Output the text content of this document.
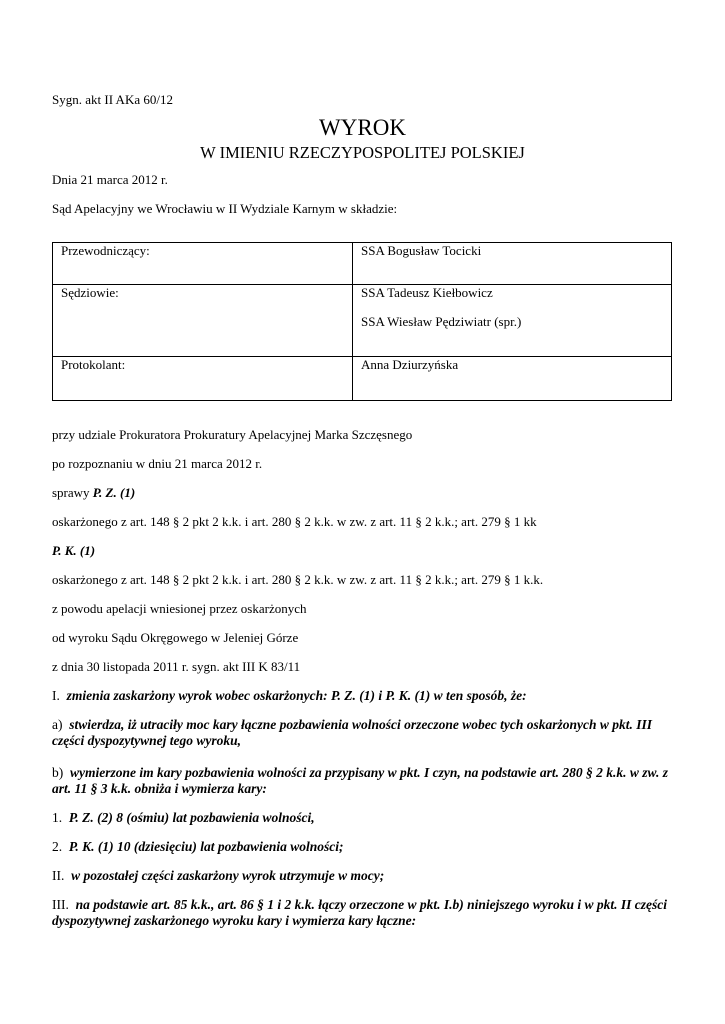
Sygn. akt II AKa 60/12
WYROK
W IMIENIU RZECZYPOSPOLITEJ POLSKIEJ
Dnia 21 marca 2012 r.
Sąd Apelacyjny we Wrocławiu w II Wydziale Karnym w składzie:
Przewodniczący:	SSA Bogusław Tocicki

Sędziowie:	SSA Tadeusz Kiełbowicz
SSA Wiesław Pędziwiatr (spr.)

Protokolant:	Anna Dziurzyńska
przy udziale Prokuratora Prokuratury Apelacyjnej Marka Szczęsnego
po rozpoznaniu w dniu 21 marca 2012 r.
sprawy P. Z. (1)
oskarżonego z art. 148 § 2 pkt 2 k.k. i art. 280 § 2 k.k. w zw. z art. 11 § 2 k.k.; art. 279 § 1 kk
P. K. (1)
oskarżonego z art. 148 § 2 pkt 2 k.k. i art. 280 § 2 k.k. w zw. z art. 11 § 2 k.k.; art. 279 § 1 k.k.
z powodu apelacji wniesionej przez oskarżonych
od wyroku Sądu Okręgowego w Jeleniej Górze
z dnia 30 listopada 2011 r. sygn. akt III K 83/11
I. zmienia zaskarżony wyrok wobec oskarżonych: P. Z. (1) i P. K. (1) w ten sposób, że:
a) stwierdza, iż utraciły moc kary łączne pozbawienia wolności orzeczone wobec tych oskarżonych w pkt. III części dyspozytywnej tego wyroku,
b) wymierzone im kary pozbawienia wolności za przypisany w pkt. I czyn, na podstawie art. 280 § 2 k.k. w zw. z art. 11 § 3 k.k. obniża i wymierza kary:
1. P. Z. (2) 8 (ośmiu) lat pozbawienia wolności,
2. P. K. (1) 10 (dziesięciu) lat pozbawienia wolności;
II. w pozostałej części zaskarżony wyrok utrzymuje w mocy;
III. na podstawie art. 85 k.k., art. 86 § 1 i 2 k.k. łączy orzeczone w pkt. I.b) niniejszego wyroku i w pkt. II części dyspozytywnej zaskarżonego wyroku kary i wymierza kary łączne:
